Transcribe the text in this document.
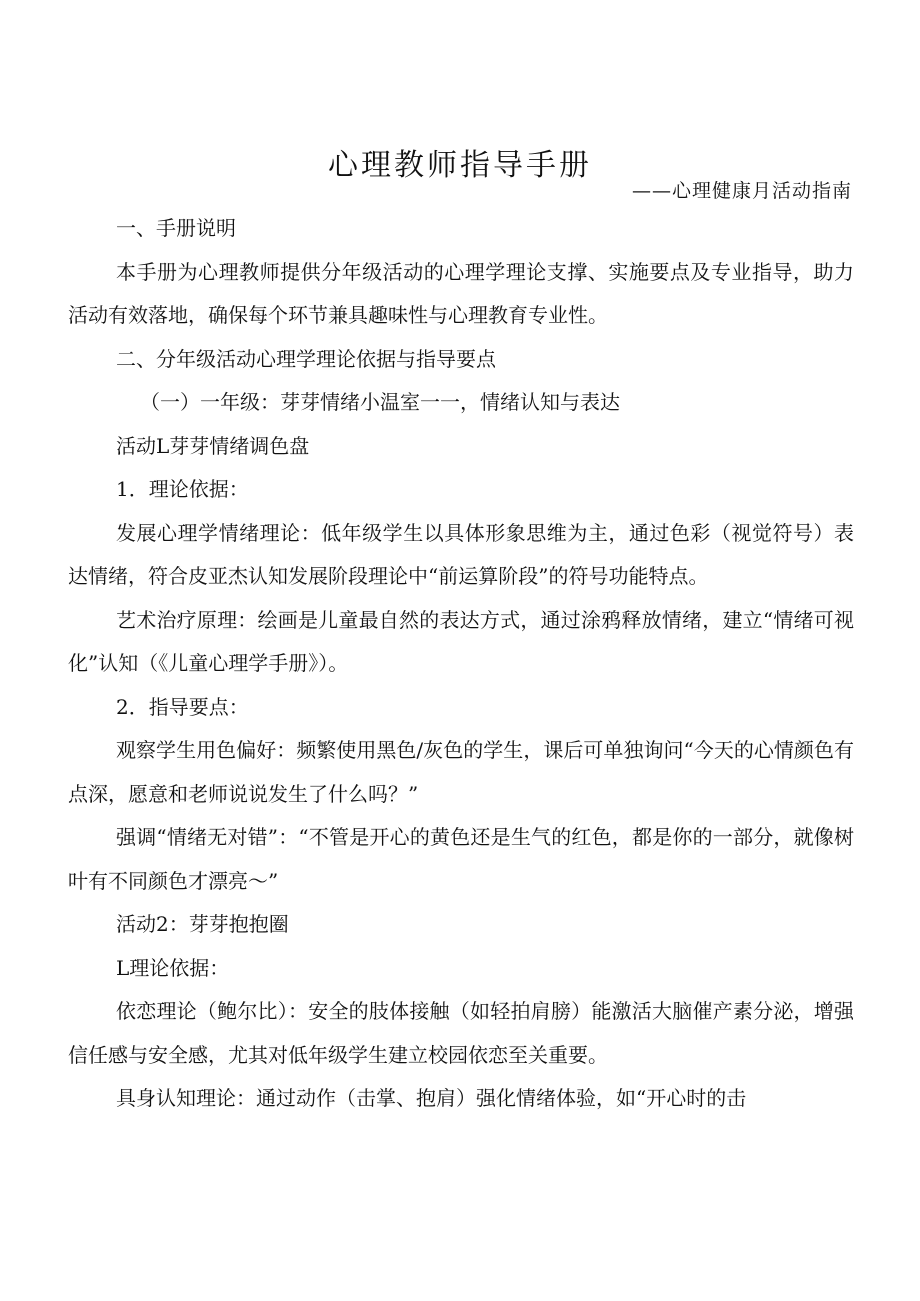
心理教师指导手册
——心理健康月活动指南

一、手册说明

本手册为心理教师提供分年级活动的心理学理论支撑、实施要点及专业指导，助力活动有效落地，确保每个环节兼具趣味性与心理教育专业性。

二、分年级活动心理学理论依据与指导要点

（一）一年级：芽芽情绪小温室一一，情绪认知与表达

活动L芽芽情绪调色盘

1．理论依据：

发展心理学情绪理论：低年级学生以具体形象思维为主，通过色彩（视觉符号）表达情绪，符合皮亚杰认知发展阶段理论中“前运算阶段”的符号功能特点。

艺术治疗原理：绘画是儿童最自然的表达方式，通过涂鸦释放情绪，建立“情绪可视化”认知（《儿童心理学手册》）。

2．指导要点：

观察学生用色偏好：频繁使用黑色/灰色的学生，课后可单独询问“今天的心情颜色有点深，愿意和老师说说发生了什么吗？”

强调“情绪无对错”：“不管是开心的黄色还是生气的红色，都是你的一部分，就像树叶有不同颜色才漂亮～”

活动2：芽芽抱抱圈

L理论依据：

依恋理论（鲍尔比）：安全的肢体接触（如轻拍肩膀）能激活大脑催产素分泌，增强信任感与安全感，尤其对低年级学生建立校园依恋至关重要。

具身认知理论：通过动作（击掌、抱肩）强化情绪体验，如“开心时的击
